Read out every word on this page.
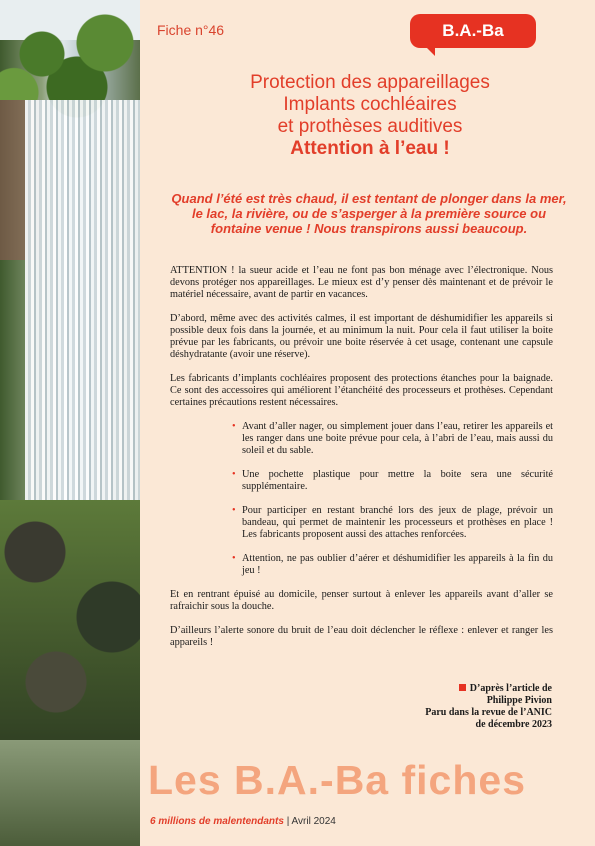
Fiche n°46	B.A.-Ba
Protection des appareillages
Implants cochléaires
et prothèses auditives
Attention à l’eau !
Quand l’été est très chaud, il est tentant de plonger dans la mer, le lac, la rivière, ou de s’asperger à la première source ou fontaine venue ! Nous transpirons aussi beaucoup.

ATTENTION ! la sueur acide et l’eau ne font pas bon ménage avec l’électronique. Nous devons protéger nos appareillages. Le mieux est d’y penser dès maintenant et de prévoir le matériel nécessaire, avant de partir en vacances.

D’abord, même avec des activités calmes, il est important de déshumidifier les appareils si possible deux fois dans la journée, et au minimum la nuit. Pour cela il faut utiliser la boite prévue par les fabricants, ou prévoir une boite réservée à cet usage, contenant une capsule déshydratante (avoir une réserve).

Les fabricants d’implants cochléaires proposent des protections étanches pour la baignade. Ce sont des accessoires qui améliorent l’étanchéité des processeurs et prothèses. Cependant certaines précautions restent nécessaires.

• Avant d’aller nager, ou simplement jouer dans l’eau, retirer les appareils et les ranger dans une boite prévue pour cela, à l’abri de l’eau, mais aussi du soleil et du sable.
• Une pochette plastique pour mettre la boite sera une sécurité supplémentaire.
• Pour participer en restant branché lors des jeux de plage, prévoir un bandeau, qui permet de maintenir les processeurs et prothèses en place ! Les fabricants proposent aussi des attaches renforcées.
• Attention, ne pas oublier d’aérer et déshumidifier les appareils à la fin du jeu !

Et en rentrant épuisé au domicile, penser surtout à enlever les appareils avant d’aller se rafraichir sous la douche.

D’ailleurs l’alerte sonore du bruit de l’eau doit déclencher le réflexe : enlever et ranger les appareils !

D’après l’article de
Philippe Pivion
Paru dans la revue de l’ANIC
de décembre 2023
Les B.A.-Ba fiches
6 millions de malentendants | Avril 2024
